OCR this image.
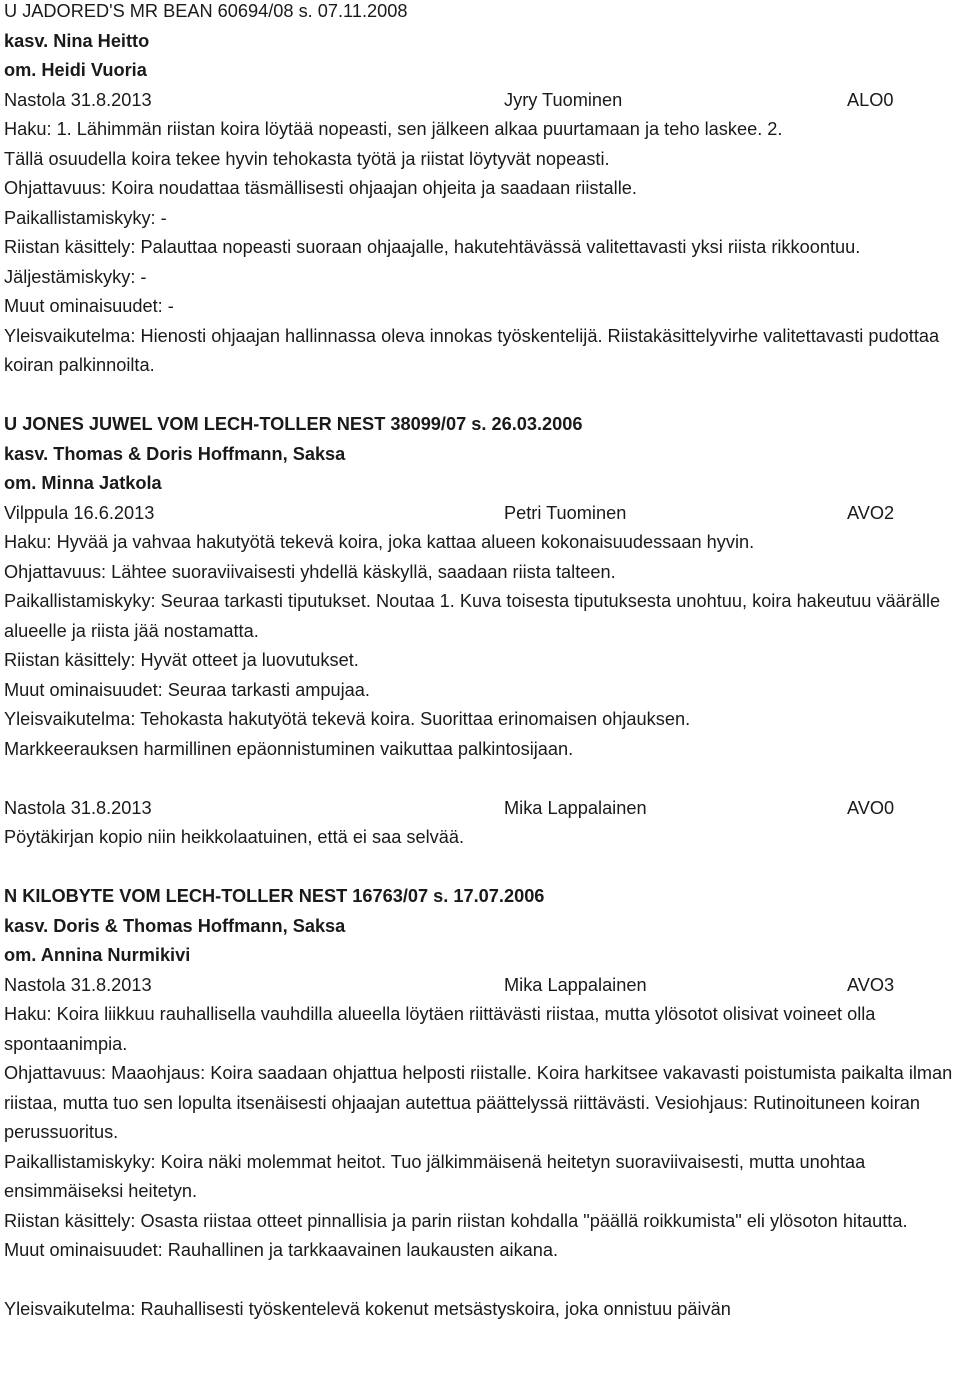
U JADORED'S MR BEAN 60694/08 s. 07.11.2008
kasv. Nina Heitto
om. Heidi Vuoria
Nastola 31.8.2013	Jyry Tuominen	ALO0
Haku: 1. Lähimmän riistan koira löytää nopeasti, sen jälkeen alkaa puurtamaan ja teho laskee. 2.
Tällä osuudella koira tekee hyvin tehokasta työtä ja riistat löytyvät nopeasti.
Ohjattavuus: Koira noudattaa täsmällisesti ohjaajan ohjeita ja saadaan riistalle.
Paikallistamiskyky: -
Riistan käsittely: Palauttaa nopeasti suoraan ohjaajalle, hakutehtävässä valitettavasti yksi riista rikkoontuu.
Jäljestämiskyky: -
Muut ominaisuudet: -
Yleisvaikutelma: Hienosti ohjaajan hallinnassa oleva innokas työskentelijä. Riistakäsittelyvirhe valitettavasti pudottaa koiran palkinnoilta.
U JONES JUWEL VOM LECH-TOLLER NEST 38099/07 s. 26.03.2006
kasv. Thomas & Doris Hoffmann, Saksa
om. Minna Jatkola
Vilppula 16.6.2013	Petri Tuominen	AVO2
Haku: Hyvää ja vahvaa hakutyötä tekevä koira, joka kattaa alueen kokonaisuudessaan hyvin.
Ohjattavuus: Lähtee suoraviivaisesti yhdellä käskyllä, saadaan riista talteen.
Paikallistamiskyky: Seuraa tarkasti tiputukset. Noutaa 1. Kuva toisesta tiputuksesta unohtuu, koira hakeutuu väärälle alueelle ja riista jää nostamatta.
Riistan käsittely: Hyvät otteet ja luovutukset.
Muut ominaisuudet: Seuraa tarkasti ampujaa.
Yleisvaikutelma: Tehokasta hakutyötä tekevä koira. Suorittaa erinomaisen ohjauksen.
Markkeerauksen harmillinen epäonnistuminen vaikuttaa palkintosijaan.
Nastola 31.8.2013	Mika Lappalainen	AVO0
Pöytäkirjan kopio niin heikkolaatuinen, että ei saa selvää.
N KILOBYTE VOM LECH-TOLLER NEST 16763/07 s. 17.07.2006
kasv. Doris & Thomas Hoffmann, Saksa
om. Annina Nurmikivi
Nastola 31.8.2013	Mika Lappalainen	AVO3
Haku: Koira liikkuu rauhallisella vauhdilla alueella löytäen riittävästi riistaa, mutta ylösotot olisivat voineet olla spontaanimpia.
Ohjattavuus: Maaohjaus: Koira saadaan ohjattua helposti riistalle. Koira harkitsee vakavasti poistumista paikalta ilman riistaa, mutta tuo sen lopulta itsenäisesti ohjaajan autettua päättelyssä riittävästi. Vesiohjaus: Rutinoituneen koiran perussuoritus.
Paikallistamiskyky: Koira näki molemmat heitot. Tuo jälkimmäisenä heitetyn suoraviivaisesti, mutta unohtaa ensimmäiseksi heitetyn.
Riistan käsittely: Osasta riistaa otteet pinnallisia ja parin riistan kohdalla "päällä roikkumista" eli ylösoton hitautta.
Muut ominaisuudet: Rauhallinen ja tarkkaavainen laukausten aikana.
Yleisvaikutelma: Rauhallisesti työskentelevä kokenut metsästyskoira, joka onnistuu päivän
